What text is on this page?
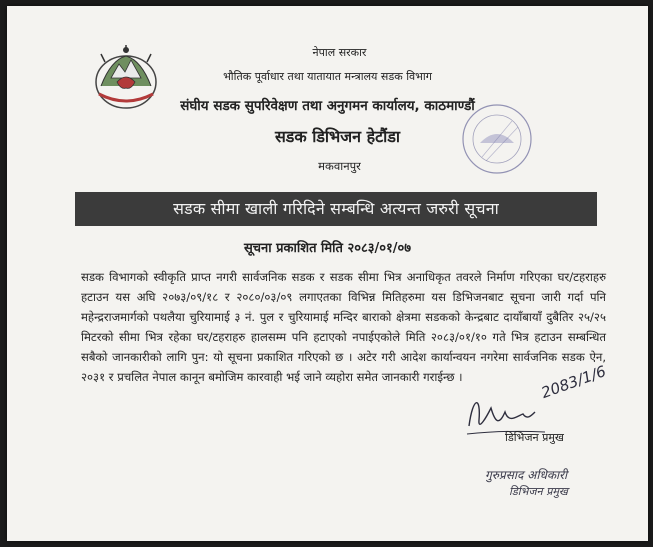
नेपाल सरकार
भौतिक पूर्वाधार तथा यातायात मन्त्रालय सडक विभाग
संघीय सडक सुपरिवेक्षण तथा अनुगमन कार्यालय, काठमाण्डौं
सडक डिभिजन हेटौंडा
मकवानपुर
सडक सीमा खाली गरिदिने सम्बन्धि अत्यन्त जरुरी सूचना
सूचना प्रकाशित मिति २०८३/०१/०७
सडक विभागको स्वीकृति प्राप्त नगरी सार्वजनिक सडक र सडक सीमा भित्र अनाधिकृत तवरले निर्माण गरिएका घर/टहराहरु हटाउन यस अघि २०७३/०९/१८ र २०८०/०३/०९ लगाएतका विभिन्न मितिहरुमा यस डिभिजनबाट सूचना जारी गर्दा पनि महेन्द्रराजमार्गको पथलैया चुरियामाई ३ नं. पुल र चुरियामाई मन्दिर बाराको क्षेत्रमा सडकको केन्द्रबाट दायाँबायाँ दुबैतिर २५/२५ मिटरको सीमा भित्र रहेका घर/टहराहरु हालसम्म पनि हटाएको नपाईएकोले मिति २०८३/०१/१० गते भित्र हटाउन सम्बन्धित सबैको जानकारीको लागि पुन: यो सूचना प्रकाशित गरिएको छ । अटेर गरी आदेश कार्यान्वयन नगरेमा सार्वजनिक सडक ऐन, २०३१ र प्रचलित नेपाल कानून बमोजिम कारवाही भई जाने व्यहोरा समेत जानकारी गराईन्छ ।	2083/1/6
डिभिजन प्रमुख
गुरुप्रसाद अधिकारी
डिभिजन प्रमुख
